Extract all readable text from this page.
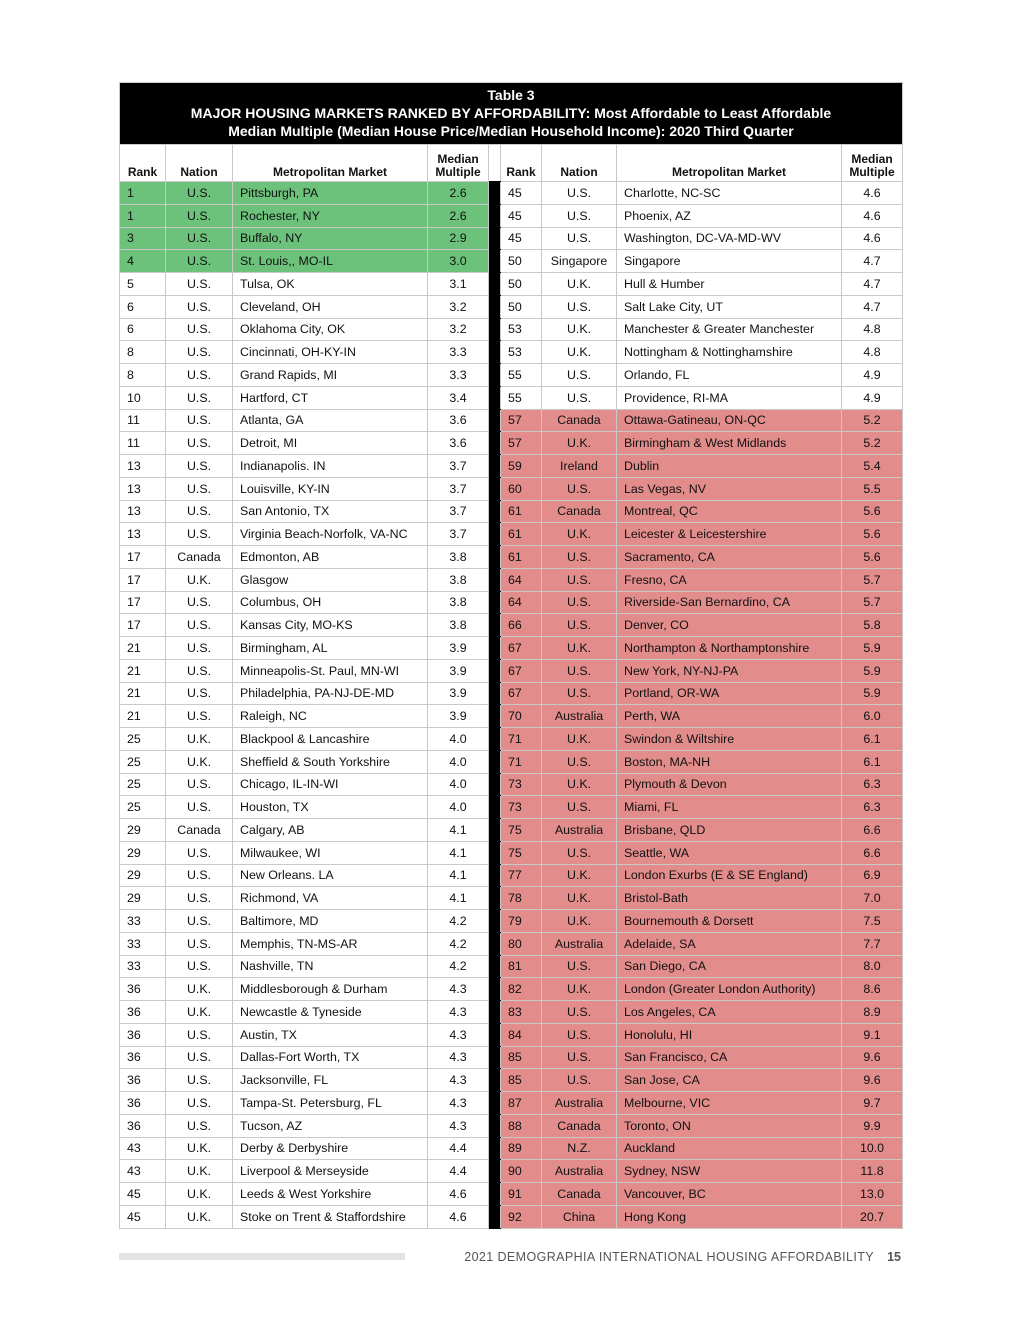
Table 3
MAJOR HOUSING MARKETS RANKED BY AFFORDABILITY: Most Affordable to Least Affordable
Median Multiple (Median House Price/Median Household Income): 2020 Third Quarter								

Rank	Nation	Metropolitan Market	Median
Multiple		Rank	Nation	Metropolitan Market	Median
Multiple
1	U.S.	Pittsburgh, PA	2.6		45	U.S.	Charlotte, NC-SC	4.6
1	U.S.	Rochester, NY	2.6		45	U.S.	Phoenix, AZ	4.6
3	U.S.	Buffalo, NY	2.9		45	U.S.	Washington, DC-VA-MD-WV	4.6
4	U.S.	St. Louis,, MO-IL	3.0		50	Singapore	Singapore	4.7
5	U.S.	Tulsa, OK	3.1		50	U.K.	Hull & Humber	4.7
6	U.S.	Cleveland, OH	3.2		50	U.S.	Salt Lake City, UT	4.7
6	U.S.	Oklahoma City, OK	3.2		53	U.K.	Manchester & Greater Manchester	4.8
8	U.S.	Cincinnati, OH-KY-IN	3.3		53	U.K.	Nottingham & Nottinghamshire	4.8
8	U.S.	Grand Rapids, MI	3.3		55	U.S.	Orlando, FL	4.9
10	U.S.	Hartford, CT	3.4		55	U.S.	Providence, RI-MA	4.9
11	U.S.	Atlanta, GA	3.6		57	Canada	Ottawa-Gatineau, ON-QC	5.2
11	U.S.	Detroit, MI	3.6		57	U.K.	Birmingham & West Midlands	5.2
13	U.S.	Indianapolis. IN	3.7		59	Ireland	Dublin	5.4
13	U.S.	Louisville, KY-IN	3.7		60	U.S.	Las Vegas, NV	5.5
13	U.S.	San Antonio, TX	3.7		61	Canada	Montreal, QC	5.6
13	U.S.	Virginia Beach-Norfolk, VA-NC	3.7		61	U.K.	Leicester & Leicestershire	5.6
17	Canada	Edmonton, AB	3.8		61	U.S.	Sacramento, CA	5.6
17	U.K.	Glasgow	3.8		64	U.S.	Fresno, CA	5.7
17	U.S.	Columbus, OH	3.8		64	U.S.	Riverside-San Bernardino, CA	5.7
17	U.S.	Kansas City, MO-KS	3.8		66	U.S.	Denver, CO	5.8
21	U.S.	Birmingham, AL	3.9		67	U.K.	Northampton & Northamptonshire	5.9
21	U.S.	Minneapolis-St. Paul, MN-WI	3.9		67	U.S.	New York, NY-NJ-PA	5.9
21	U.S.	Philadelphia, PA-NJ-DE-MD	3.9		67	U.S.	Portland, OR-WA	5.9
21	U.S.	Raleigh, NC	3.9		70	Australia	Perth, WA	6.0
25	U.K.	Blackpool & Lancashire	4.0		71	U.K.	Swindon & Wiltshire	6.1
25	U.K.	Sheffield & South Yorkshire	4.0		71	U.S.	Boston, MA-NH	6.1
25	U.S.	Chicago, IL-IN-WI	4.0		73	U.K.	Plymouth & Devon	6.3
25	U.S.	Houston, TX	4.0		73	U.S.	Miami, FL	6.3
29	Canada	Calgary, AB	4.1		75	Australia	Brisbane, QLD	6.6
29	U.S.	Milwaukee, WI	4.1		75	U.S.	Seattle, WA	6.6
29	U.S.	New Orleans. LA	4.1		77	U.K.	London Exurbs (E & SE England)	6.9
29	U.S.	Richmond, VA	4.1		78	U.K.	Bristol-Bath	7.0
33	U.S.	Baltimore, MD	4.2		79	U.K.	Bournemouth & Dorsett	7.5
33	U.S.	Memphis, TN-MS-AR	4.2		80	Australia	Adelaide, SA	7.7
33	U.S.	Nashville, TN	4.2		81	U.S.	San Diego, CA	8.0
36	U.K.	Middlesborough & Durham	4.3		82	U.K.	London (Greater London Authority)	8.6
36	U.K.	Newcastle & Tyneside	4.3		83	U.S.	Los Angeles, CA	8.9
36	U.S.	Austin, TX	4.3		84	U.S.	Honolulu, HI	9.1
36	U.S.	Dallas-Fort Worth, TX	4.3		85	U.S.	San Francisco, CA	9.6
36	U.S.	Jacksonville, FL	4.3		85	U.S.	San Jose, CA	9.6
36	U.S.	Tampa-St. Petersburg, FL	4.3		87	Australia	Melbourne, VIC	9.7
36	U.S.	Tucson, AZ	4.3		88	Canada	Toronto, ON	9.9
43	U.K.	Derby & Derbyshire	4.4		89	N.Z.	Auckland	10.0
43	U.K.	Liverpool & Merseyside	4.4		90	Australia	Sydney, NSW	11.8
45	U.K.	Leeds & West Yorkshire	4.6		91	Canada	Vancouver, BC	13.0
45	U.K.	Stoke on Trent & Staffordshire	4.6		92	China	Hong Kong	20.7
2021 DEMOGRAPHIA INTERNATIONAL HOUSING AFFORDABILITY 15
